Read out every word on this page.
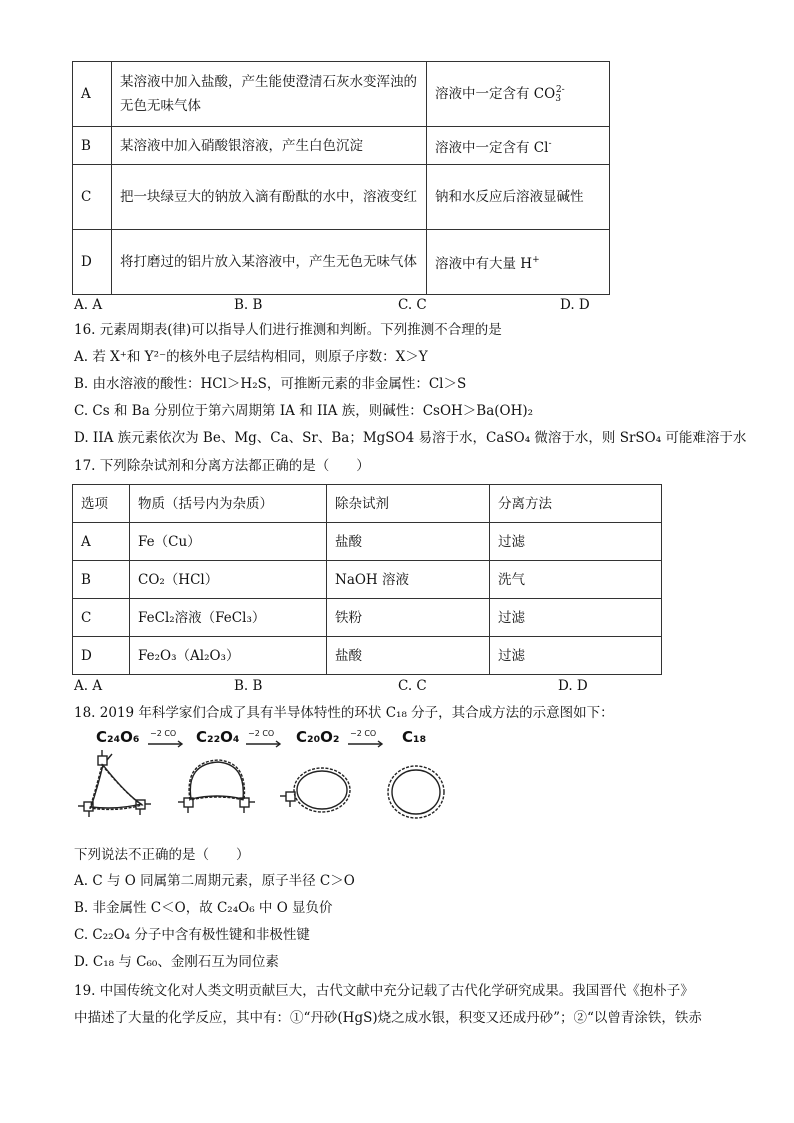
A	某溶液中加入盐酸，产生能使澄清石灰水变浑浊的无色无味气体	溶液中一定含有 $CO_3^{2-}$
B	某溶液中加入硝酸银溶液，产生白色沉淀	溶液中一定含有 Cl-
C	把一块绿豆大的钠放入滴有酚酞的水中，溶液变红	钠和水反应后溶液显碱性
D	将打磨过的铝片放入某溶液中，产生无色无味气体	溶液中有大量 H+
A. A	B. B	C. C	D. D
16. 元素周期表(律)可以指导人们进行推测和判断。下列推测不合理的是
A. 若 X⁺和 Y²⁻的核外电子层结构相同，则原子序数：X＞Y
B. 由水溶液的酸性：HCl＞H₂S，可推断元素的非金属性：Cl＞S
C. Cs 和 Ba 分别位于第六周期第 IA 和 IIA 族，则碱性：CsOH＞Ba(OH)₂
D. IIA 族元素依次为 Be、Mg、Ca、Sr、Ba；MgSO4 易溶于水，CaSO₄ 微溶于水，则 SrSO₄ 可能难溶于水
17. 下列除杂试剂和分离方法都正确的是（　　）
选项	物质（括号内为杂质）	除杂试剂	分离方法
A	Fe（Cu）	盐酸	过滤
B	CO₂（HCl）	NaOH 溶液	洗气
C	FeCl₂溶液（FeCl₃）	铁粉	过滤
D	Fe₂O₃（Al₂O₃）	盐酸	过滤
A. A	B. B	C. C	D. D
18. 2019 年科学家们合成了具有半导体特性的环状 C₁₈ 分子，其合成方法的示意图如下：
C₂₄O₆ −2 CO C₂₂O₄ −2 CO C₂₀O₂ −2 CO C₁₈
下列说法不正确的是（　　）
A. C 与 O 同属第二周期元素，原子半径 C＞O
B. 非金属性 C＜O，故 C₂₄O₆ 中 O 显负价
C. C₂₂O₄ 分子中含有极性键和非极性键
D. C₁₈ 与 C₆₀、金刚石互为同位素
19. 中国传统文化对人类文明贡献巨大，古代文献中充分记载了古代化学研究成果。我国晋代《抱朴子》
中描述了大量的化学反应，其中有：①“丹砂(HgS)烧之成水银，积变又还成丹砂”；②“以曾青涂铁，铁赤
